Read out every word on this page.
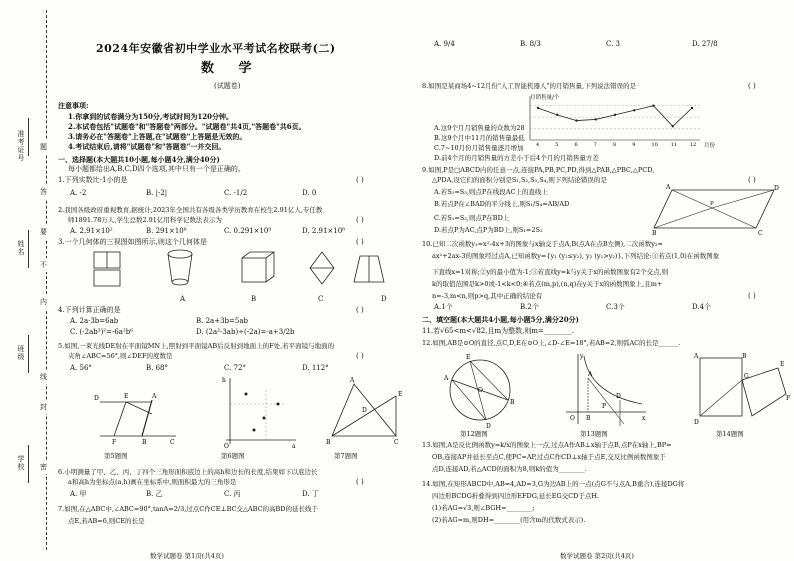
准考证号
姓名
班级
学校
题
答
要
不
内
线
封
密
2024年安徽省初中学业水平考试名校联考(二)
数 学
(试题卷)
注意事项:
1.你拿到的试卷满分为150分,考试时间为120分钟。
2.本试卷包括"试题卷"和"答题卷"两部分。"试题卷"共4页,"答题卷"共6页。
3.请务必在"答题卷"上答题,在"试题卷"上答题是无效的。
4.考试结束后,请将"试题卷"和"答题卷"一并交回。
一、选择题(本大题共10小题,每小题4分,满分40分)
每小题都给出A,B,C,D四个选项,其中只有一个是正确的。
1.下列实数比-1小的是	( )
A. -2	B. |-2|	C. -1/2	D. 0
2.我国各级政府重视教育,据统计,2023年全国共有各级各类学历教育在校生2.91亿人,专任教
师1891.78万人,学生总数2.91亿用科学记数法表示为	( )
A. 2.91×10²	B. 291×10⁶	C. 0.291×10⁹	D. 2.91×10⁸
3.一个几何体的三视图如图所示,则这个几何体是	( )
A	B	C	D
4.下列计算正确的是	( )
A. 2a·3b=6ab	B. 2a+3b=5ab
C. (-2ab³)²=-6a²b⁶	D. (2a²-3ab)÷(-2a)=-a+3/2b
5.如图,一束光线DE射在平面镜MN上,照射到平面镜AB后反射到地面上的F处,若平面镜与地面的
夹角∠ABC=56°,则∠DEF的度数是	( )
A. 56°	B. 68°	C. 72°	D. 112°
D	E	A
F	B	C
h
a
O
A
B	C
E
D
第5题图	第6题图	第7题图
6.小明测量了甲、乙、丙、丁四个三角形面积底边上的高h和边长的长度,结果如下以底边长
a和高h为坐标点(a,h)画在坐标系中,则面积最大的三角形是	( )
A. 甲	B. 乙	C. 丙	D. 丁
7.如图,在△ABC中,∠ABC=90°,tanA=2/3,过点C作CE⊥BC交△ABC的高BD的延长线于
点E,若AB=6,则CE的长是
数学试题卷 第1页(共4页)
A. 9/4	B. 8/3	C. 3	D. 27/8
8.如图是某商场4~12月份"人工智能机器人"的月销售量,下列说法错误的是	( )
月销售量/个
月份
4	5	6	7	8	9	10	11	12
A.这9个月月销售量的众数为28
B.这9个月中11月的销售量最低
C.7~10月份月销售量逐月增加
D.前4个月的月销售量的方差小于后4个月的月销售量方差
9.如图,P是□ABCD内的任意一点,连接PA,PB,PC,PD,得到△PAB,△PBC,△PCD,
△PDA,设它们的面积分别是S₁,S₂,S₃,S₄,则下列结论错误的是	( )
A.若S₁=S₃,则点P在线段AC上的直线上
B.若点P在∠BAD的平分线上,则S₁/S₄=AB/AD
C.若S₁=S₂,则点P在BD上
D.若点P为AC,点P为BD上,则S₁=2S₂
A	D
C
B
P
10.已知二次函数y₁=x²-4x+3的图象与x轴交于点A,B(点A在点B左侧),二次函数y₂=
ax²+2ax-3的图象经过点A,已知函数y={y₁ (y₁≤y₂), y₂ (y₁>y₂)},下列结论:①若点(1,0)在函数图象
下直线x=1对称;②y的最小值为-1;③若直线y=k与y关于x的函数图象有2个交点,则
k的取值范围是k>0或-1<k<0;④若点(m,p),(n,q)在y关于x的函数图象上,且m+
n=-3,m<n,则p>q,其中正确的结论有	( )
A.1个	B.2个	C.3个	D.4个
二、填空题(本大题共4小题,每小题5分,满分20分)
11.若√65<m<√82,且m为整数,则m=________.
12.如图,AB是⊙O的直径,点C,D,E在⊙O上,∠D-∠E=18°,若AB=2,则弧AC的长是______.
A
B
E
D
O
A
O B
P
D
x
y	A	B
D
G
E
F
第12题图	第13题图	第14题图
13.如图,A是反比例函数y=k/x的图象上一点,过点A作AB⊥x轴于点B,点P在x轴上,BP=
OB,连接AP并延长至点C,使PC=AP,过点C作CD⊥x轴于点E,交反比例函数图象于
点D,连接AD,若△ACD的面积为8,则k的值为________.
14.如图,在矩形ABCD中,AB=4,AD=3,G为边AB上的一点(点G不与点A,B重合),连接DG将
四边形BCDG折叠得到四边形EFDG,延长EG交CD于点H.
(1)若AG=√3,则∠BGH=________;
(2)若AG=m,则DH=________(用含m的代数式表示).
数学试题卷 第2页(共4页)
